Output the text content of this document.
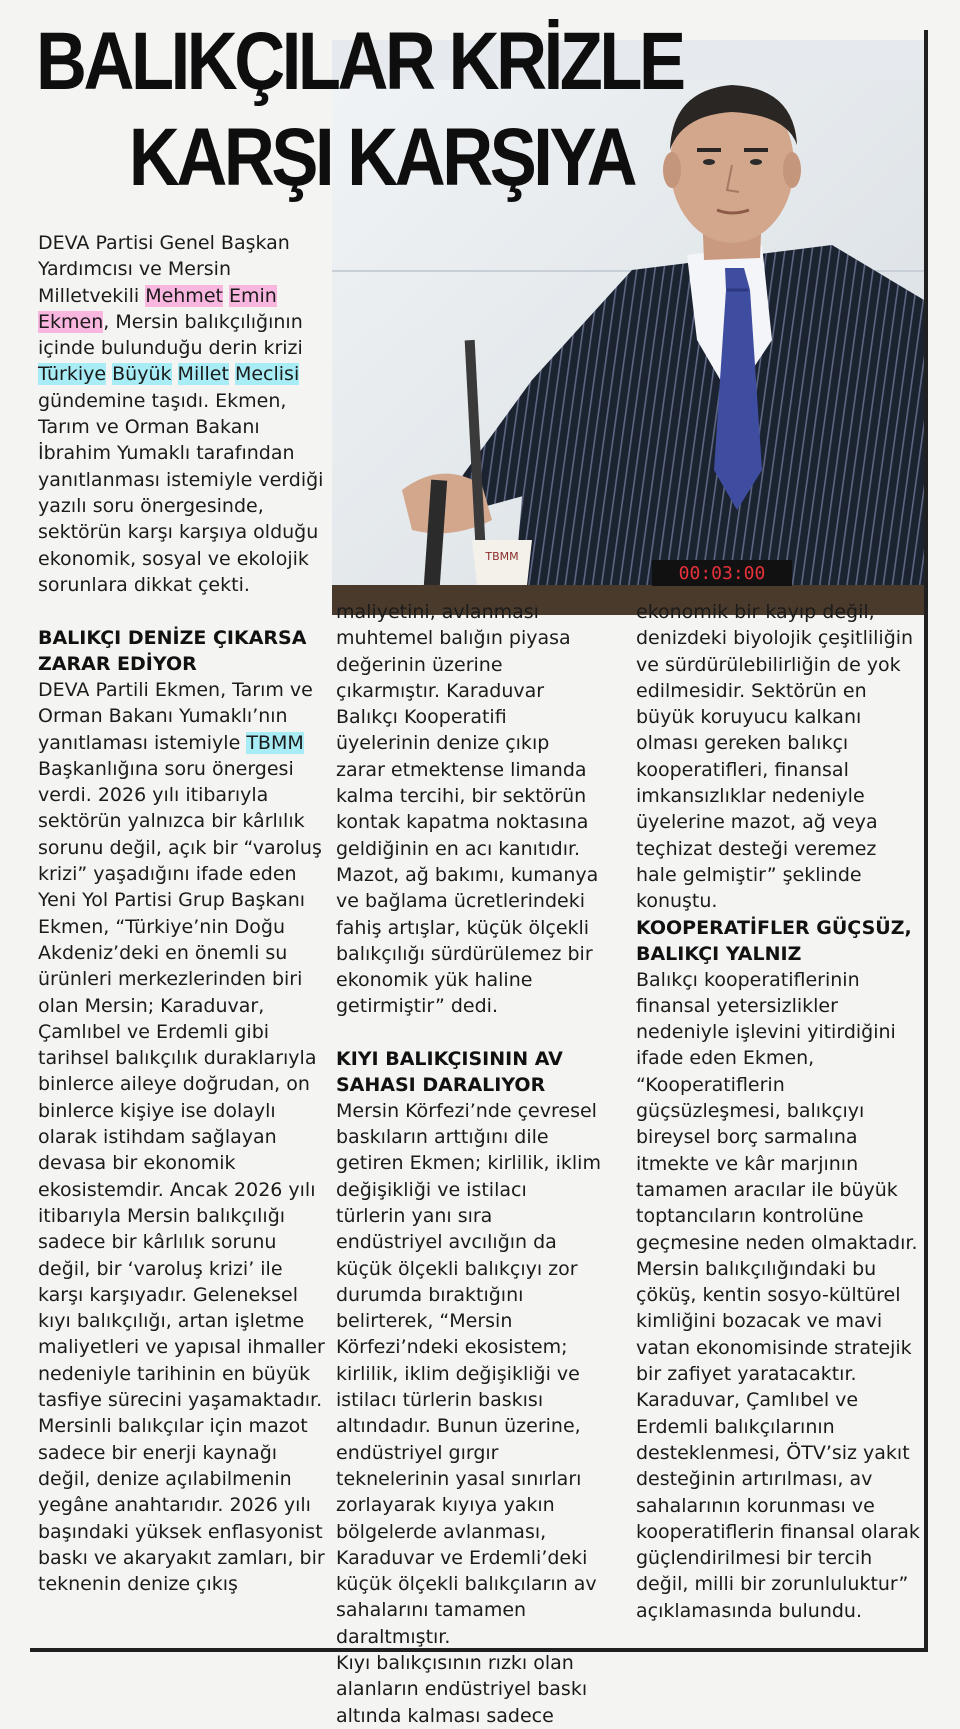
00:03:00
TBMM
BALIKÇILAR KRİZLE
KARŞI KARŞIYA

DEVA Partisi Genel Başkan Yardımcısı ve Mersin Milletvekili Mehmet Emin Ekmen, Mersin balıkçılığının içinde bulunduğu derin krizi Türkiye Büyük Millet Meclisi gündemine taşıdı. Ekmen, Tarım ve Orman Bakanı İbrahim Yumaklı tarafından yanıtlanması istemiyle verdiği yazılı soru önergesinde, sektörün karşı karşıya olduğu ekonomik, sosyal ve ekolojik sorunlara dikkat çekti.

BALIKÇI DENİZE ÇIKARSA ZARAR EDİYOR

DEVA Partili Ekmen, Tarım ve Orman Bakanı Yumaklı’nın yanıtlaması istemiyle TBMM Başkanlığına soru önergesi verdi. 2026 yılı itibarıyla sektörün yalnızca bir kârlılık sorunu değil, açık bir “varoluş krizi” yaşadığını ifade eden Yeni Yol Partisi Grup Başkanı Ekmen, “Türkiye’nin Doğu Akdeniz’deki en önemli su ürünleri merkezlerinden biri olan Mersin; Karaduvar, Çamlıbel ve Erdemli gibi tarihsel balıkçılık duraklarıyla binlerce aileye doğrudan, on binlerce kişiye ise dolaylı olarak istihdam sağlayan devasa bir ekonomik ekosistemdir. Ancak 2026 yılı itibarıyla Mersin balıkçılığı sadece bir kârlılık sorunu değil, bir ‘varoluş krizi’ ile karşı karşıyadır. Geleneksel kıyı balıkçılığı, artan işletme maliyetleri ve yapısal ihmaller nedeniyle tarihinin en büyük tasfiye sürecini yaşamaktadır. Mersinli balıkçılar için mazot sadece bir enerji kaynağı değil, denize açılabilmenin yegâne anahtarıdır. 2026 yılı başındaki yüksek enflasyonist baskı ve akaryakıt zamları, bir teknenin denize çıkış

maliyetini, avlanması muhtemel balığın piyasa değerinin üzerine çıkarmıştır. Karaduvar Balıkçı Kooperatifi üyelerinin denize çıkıp zarar etmektense limanda kalma tercihi, bir sektörün kontak kapatma noktasına geldiğinin en acı kanıtıdır. Mazot, ağ bakımı, kumanya ve bağlama ücretlerindeki fahiş artışlar, küçük ölçekli balıkçılığı sürdürülemez bir ekonomik yük haline getirmiştir” dedi.

KIYI BALIKÇISININ AV SAHASI DARALIYOR

Mersin Körfezi’nde çevresel baskıların arttığını dile getiren Ekmen; kirlilik, iklim değişikliği ve istilacı türlerin yanı sıra endüstriyel avcılığın da küçük ölçekli balıkçıyı zor durumda bıraktığını belirterek, “Mersin Körfezi’ndeki ekosistem; kirlilik, iklim değişikliği ve istilacı türlerin baskısı altındadır. Bunun üzerine, endüstriyel gırgır teknelerinin yasal sınırları zorlayarak kıyıya yakın bölgelerde avlanması, Karaduvar ve Erdemli’deki küçük ölçekli balıkçıların av sahalarını tamamen daraltmıştır.

Kıyı balıkçısının rızkı olan alanların endüstriyel baskı altında kalması sadece

ekonomik bir kayıp değil, denizdeki biyolojik çeşitliliğin ve sürdürülebilirliğin de yok edilmesidir. Sektörün en büyük koruyucu kalkanı olması gereken balıkçı kooperatifleri, finansal imkansızlıklar nedeniyle üyelerine mazot, ağ veya teçhizat desteği veremez hale gelmiştir” şeklinde konuştu.

KOOPERATİFLER GÜÇSÜZ, BALIKÇI YALNIZ

Balıkçı kooperatiflerinin finansal yetersizlikler nedeniyle işlevini yitirdiğini ifade eden Ekmen, “Kooperatiflerin güçsüzleşmesi, balıkçıyı bireysel borç sarmalına itmekte ve kâr marjının tamamen aracılar ile büyük toptancıların kontrolüne geçmesine neden olmaktadır. Mersin balıkçılığındaki bu çöküş, kentin sosyo-kültürel kimliğini bozacak ve mavi vatan ekonomisinde stratejik bir zafiyet yaratacaktır. Karaduvar, Çamlıbel ve Erdemli balıkçılarının desteklenmesi, ÖTV’siz yakıt desteğinin artırılması, av sahalarının korunması ve kooperatiflerin finansal olarak güçlendirilmesi bir tercih değil, milli bir zorunluluktur” açıklamasında bulundu.
